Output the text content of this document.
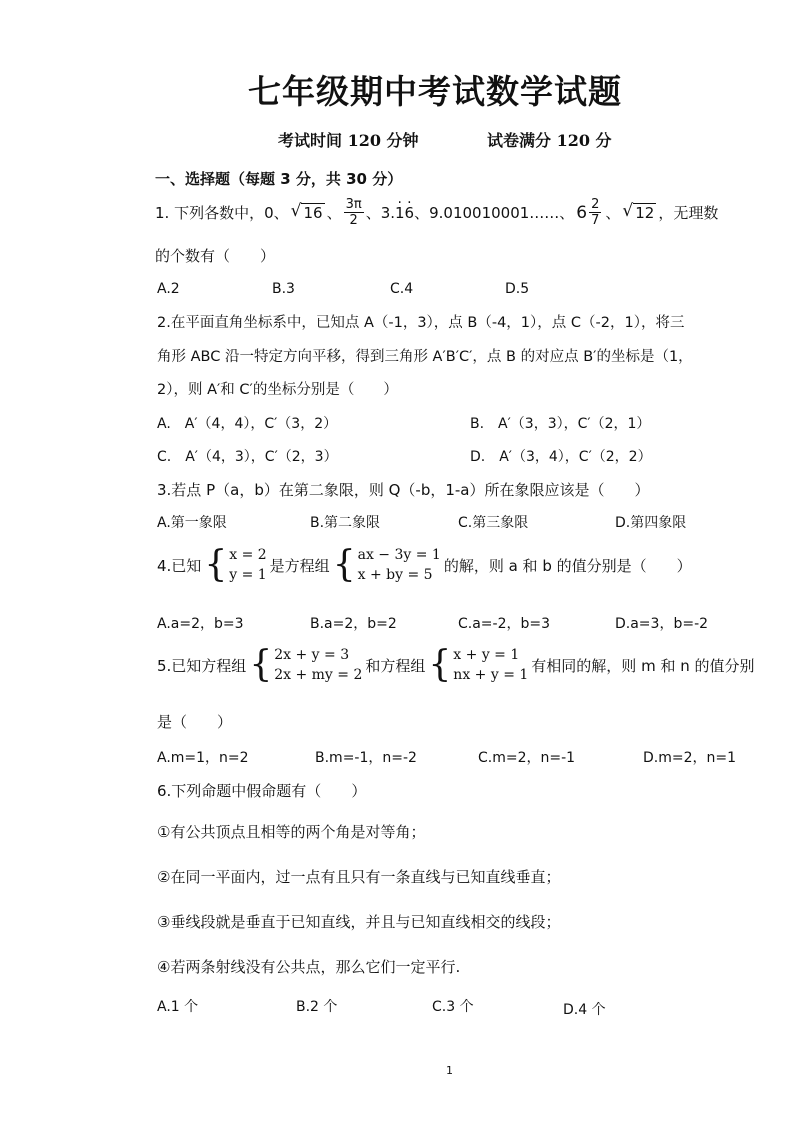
七年级期中考试数学试题
考试时间 120 分钟	试卷满分 120 分
一、选择题（每题 3 分，共 30 分）
1. 下列各数中，0、 √ 16 、 $\frac{3\pi}{2}$ 、3. · 1 · 6 、9.010010001……、 $6 \frac{2}{7}$ 、 √ 12 ，无理数
的个数有（　　）
A.2	B.3	C.4	D.5
2.在平面直角坐标系中，已知点 A（-1，3），点 B（-4，1），点 C（-2，1），将三
角形 ABC 沿一特定方向平移，得到三角形 A′B′C′，点 B 的对应点 B′的坐标是（1，
2），则 A′和 C′的坐标分别是（　　）
A.　A′（4，4），C′（3，2）	B.　A′（3，3），C′（2，1）
C.　A′（4，3），C′（2，3）	D.　A′（3，4），C′（2，2）
3.若点 P（a，b）在第二象限，则 Q（-b，1-a）所在象限应该是（　　）
A.第一象限	B.第二象限	C.第三象限	D.第四象限
4.已知 { x = 2
y = 1
是方程组 { ax − 3y = 1
x + by = 5
的解，则 a 和 b 的值分别是（　　）
A.a=2，b=3	B.a=2，b=2	C.a=-2，b=3	D.a=3，b=-2
5.已知方程组 { 2x + y = 3
2x + my = 2
和方程组 { x + y = 1
nx + y = 1
有相同的解，则 m 和 n 的值分别
是（　　）
A.m=1，n=2	B.m=-1，n=-2	C.m=2，n=-1	D.m=2，n=1
6.下列命题中假命题有（　　）
①有公共顶点且相等的两个角是对等角；
②在同一平面内，过一点有且只有一条直线与已知直线垂直；
③垂线段就是垂直于已知直线，并且与已知直线相交的线段；
④若两条射线没有公共点，那么它们一定平行.
A.1 个	B.2 个	C.3 个	D.4 个
1
